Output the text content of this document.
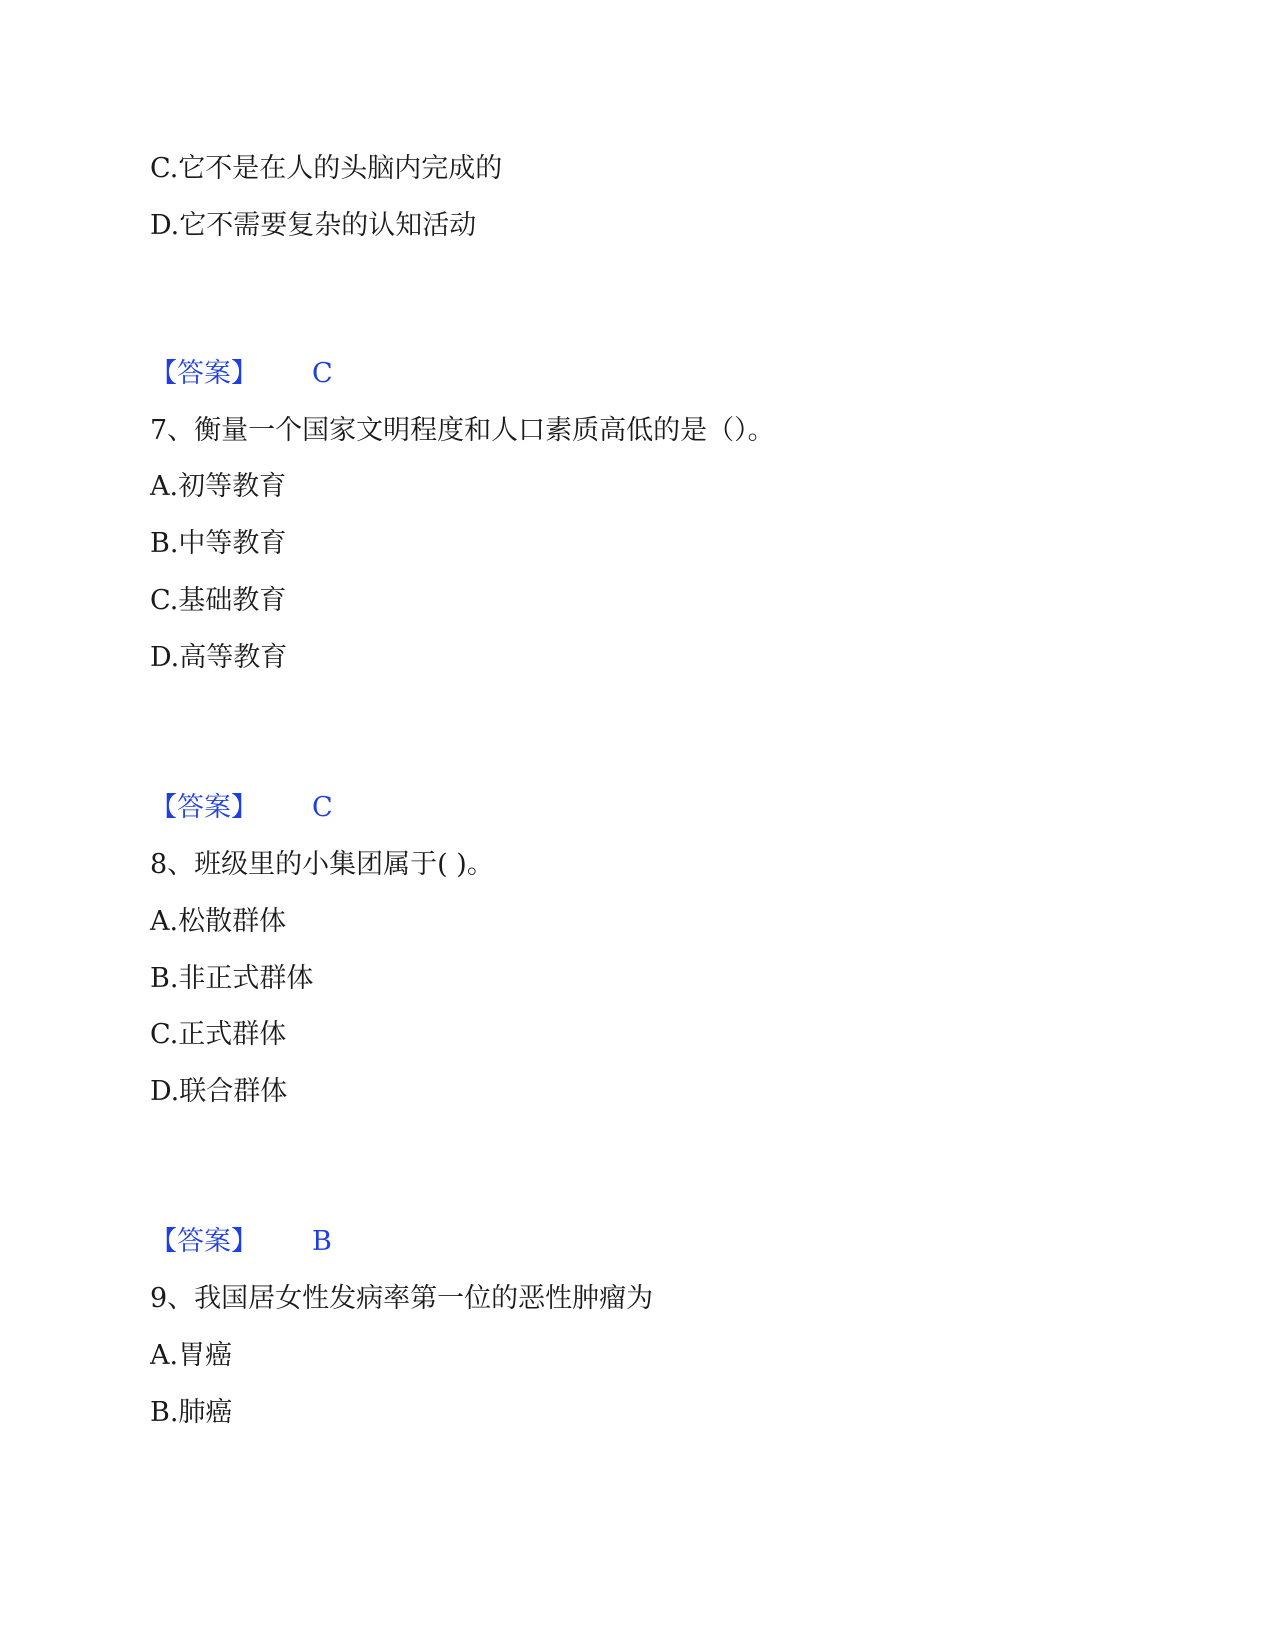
C.它不是在人的头脑内完成的
D.它不需要复杂的认知活动
【答案】 C
7、衡量一个国家文明程度和人口素质高低的是（）。
A.初等教育
B.中等教育
C.基础教育
D.高等教育
【答案】 C
8、班级里的小集团属于( )。
A.松散群体
B.非正式群体
C.正式群体
D.联合群体
【答案】 B
9、我国居女性发病率第一位的恶性肿瘤为
A.胃癌
B.肺癌
